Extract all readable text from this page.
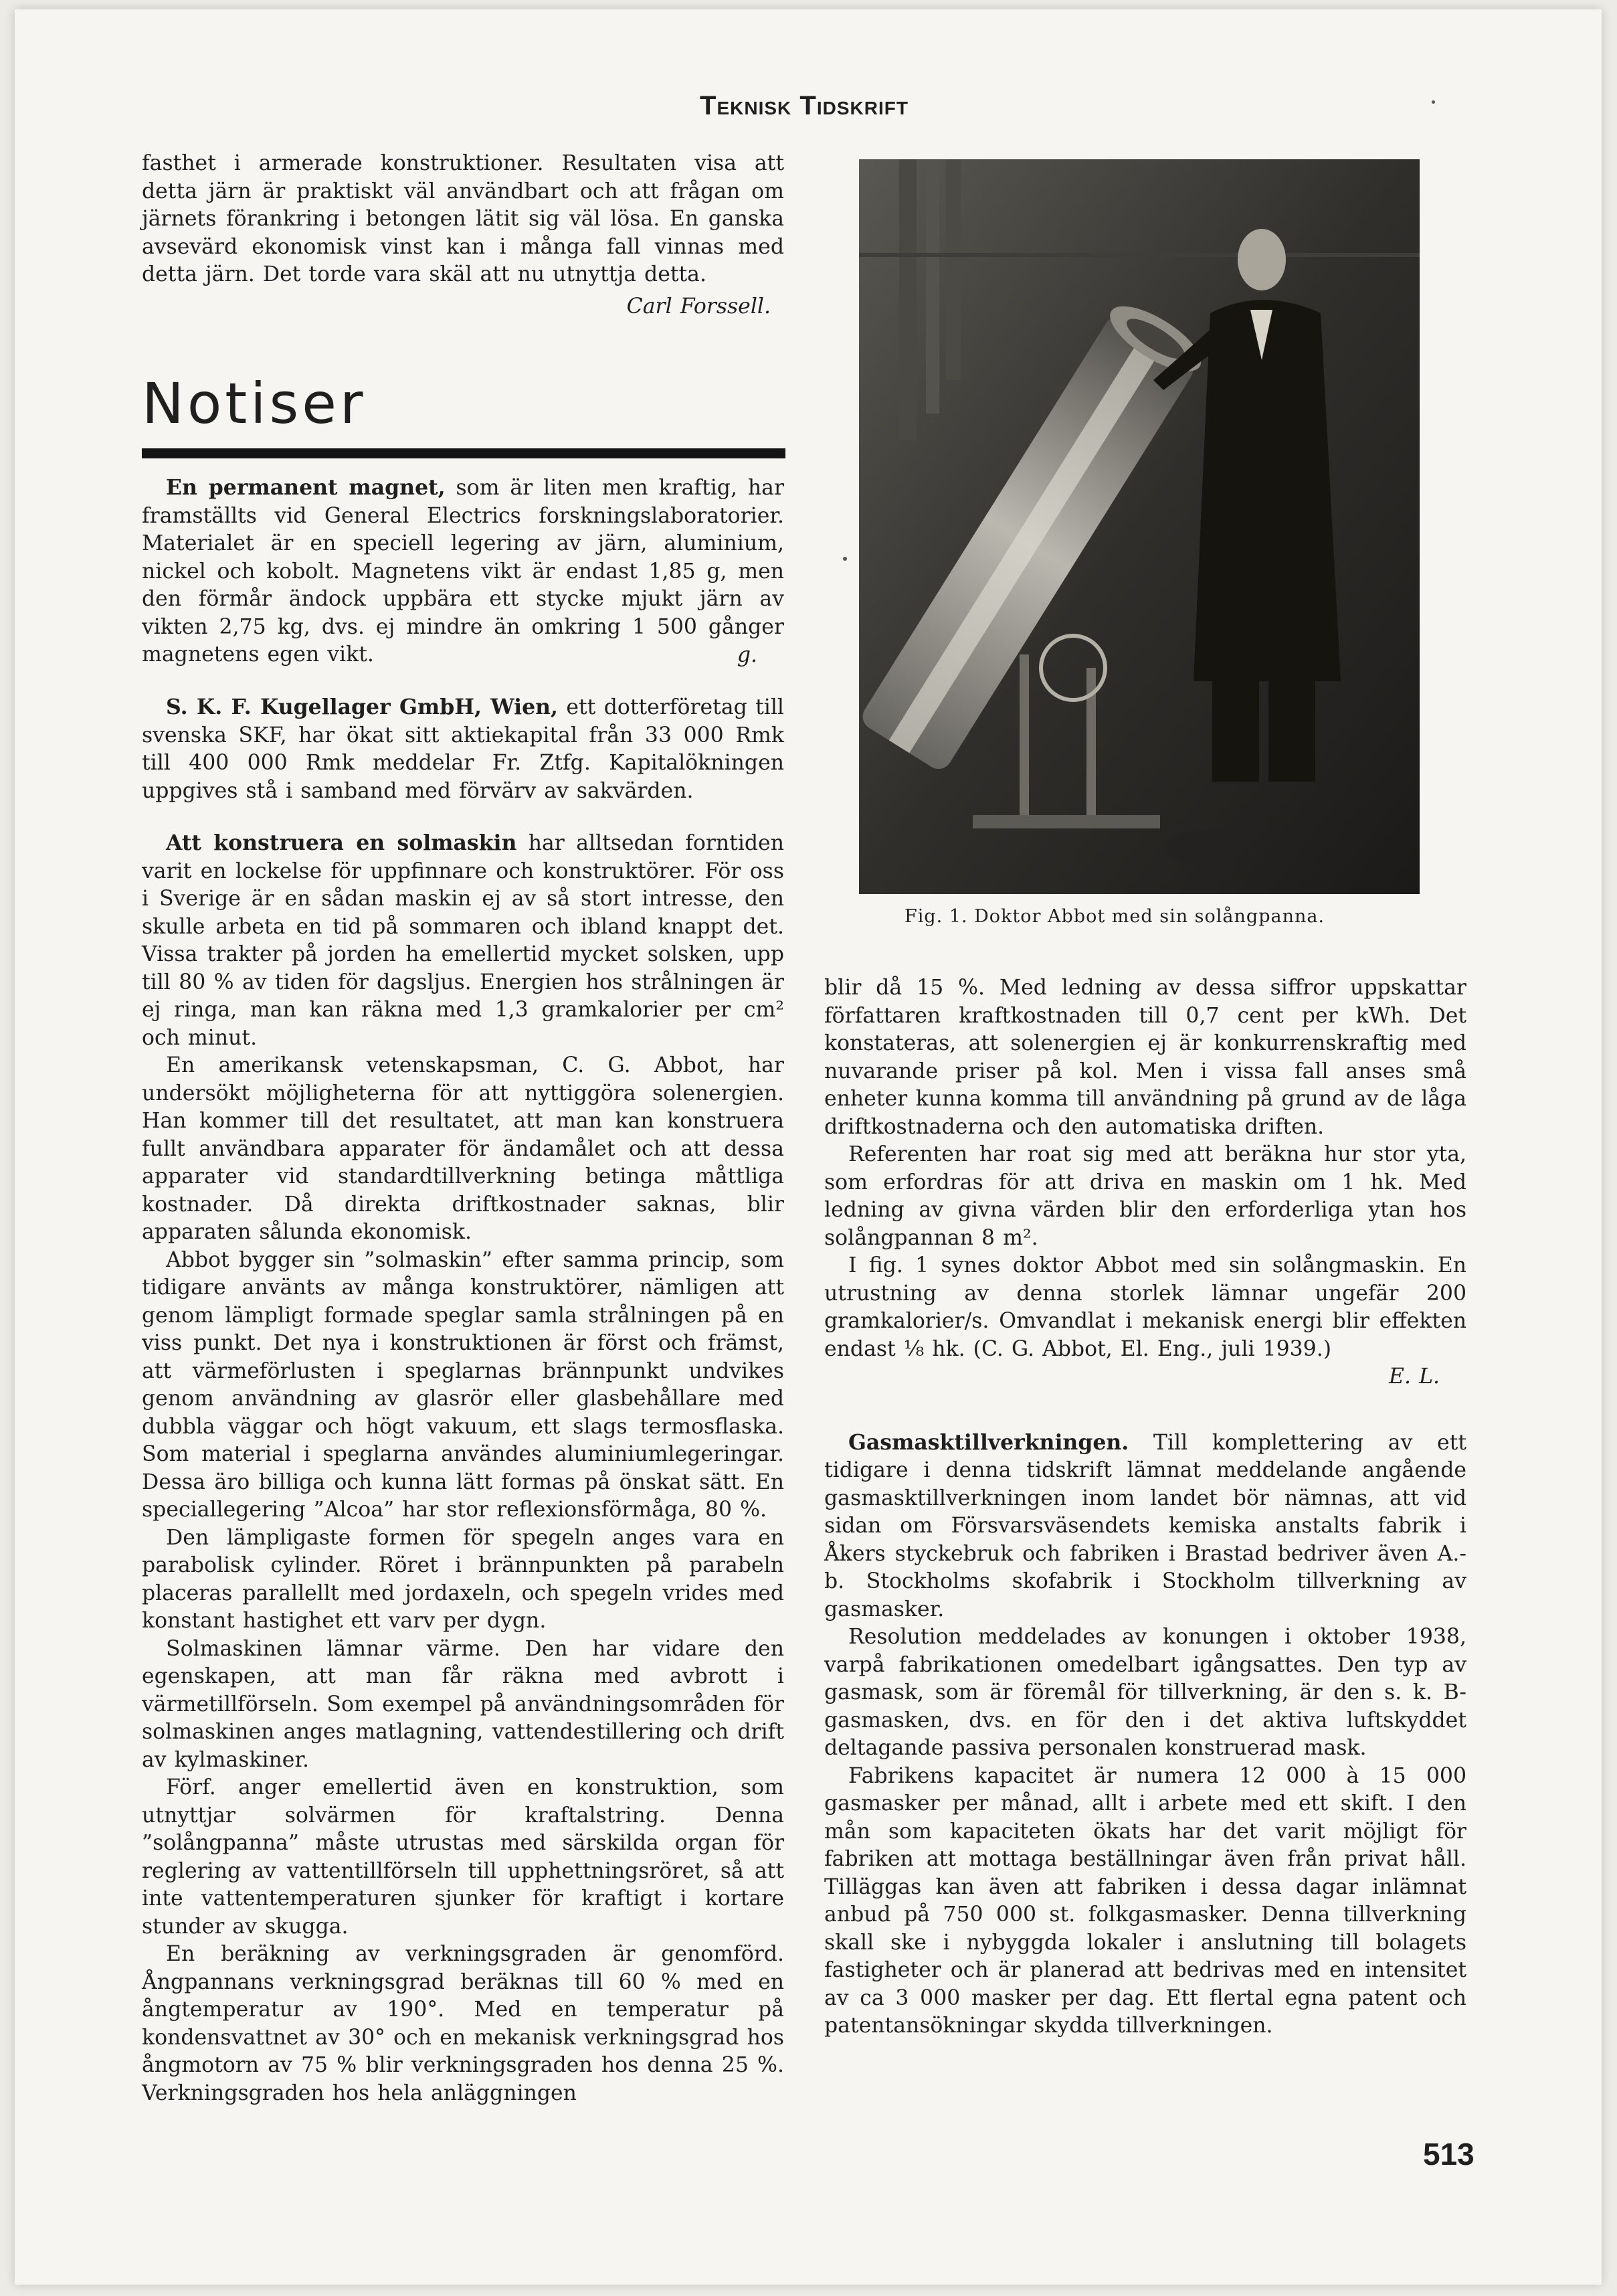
Teknisk Tidskrift

fasthet i armerade konstruktioner. Resultaten visa att detta järn är praktiskt väl användbart och att frågan om järnets förankring i betongen lätit sig väl lösa. En ganska avsevärd ekonomisk vinst kan i många fall vinnas med detta järn. Det torde vara skäl att nu utnyttja detta.

Carl Forssell.

Notiser

En permanent magnet, som är liten men kraftig, har framställts vid General Electrics forskningslaboratorier. Materialet är en speciell legering av järn, aluminium, nickel och kobolt. Magnetens vikt är endast 1,85 g, men den förmår ändock uppbära ett stycke mjukt järn av vikten 2,75 kg, dvs. ej mindre än omkring 1 500 gånger magnetens egen vikt.	g.

S. K. F. Kugellager GmbH, Wien, ett dotterföretag till svenska SKF, har ökat sitt aktiekapital från 33 000 Rmk till 400 000 Rmk meddelar Fr. Ztfg. Kapitalökningen uppgives stå i samband med förvärv av sakvärden.

Att konstruera en solmaskin har alltsedan forntiden varit en lockelse för uppfinnare och konstruktörer. För oss i Sverige är en sådan maskin ej av så stort intresse, den skulle arbeta en tid på sommaren och ibland knappt det. Vissa trakter på jorden ha emellertid mycket solsken, upp till 80 % av tiden för dagsljus. Energien hos strålningen är ej ringa, man kan räkna med 1,3 gramkalorier per cm² och minut.

En amerikansk vetenskapsman, C. G. Abbot, har undersökt möjligheterna för att nyttiggöra solenergien. Han kommer till det resultatet, att man kan konstruera fullt användbara apparater för ändamålet och att dessa apparater vid standardtillverkning betinga måttliga kostnader. Då direkta driftkostnader saknas, blir apparaten sålunda ekonomisk.

Abbot bygger sin ”solmaskin” efter samma princip, som tidigare använts av många konstruktörer, nämligen att genom lämpligt formade speglar samla strålningen på en viss punkt. Det nya i konstruktionen är först och främst, att värmeförlusten i speglarnas brännpunkt undvikes genom användning av glasrör eller glasbehållare med dubbla väggar och högt vakuum, ett slags termosflaska. Som material i speglarna användes aluminiumlegeringar. Dessa äro billiga och kunna lätt formas på önskat sätt. En speciallegering ”Alcoa” har stor reflexionsförmåga, 80 %.

Den lämpligaste formen för spegeln anges vara en parabolisk cylinder. Röret i brännpunkten på parabeln placeras parallellt med jordaxeln, och spegeln vrides med konstant hastighet ett varv per dygn.

Solmaskinen lämnar värme. Den har vidare den egenskapen, att man får räkna med avbrott i värmetillförseln. Som exempel på användningsområden för solmaskinen anges matlagning, vattendestillering och drift av kylmaskiner.

Förf. anger emellertid även en konstruktion, som utnyttjar solvärmen för kraftalstring. Denna ”solångpanna” måste utrustas med särskilda organ för reglering av vattentillförseln till upphettningsröret, så att inte vattentemperaturen sjunker för kraftigt i kortare stunder av skugga.

En beräkning av verkningsgraden är genomförd. Ångpannans verkningsgrad beräknas till 60 % med en ångtemperatur av 190°. Med en temperatur på kondensvattnet av 30° och en mekanisk verkningsgrad hos ångmotorn av 75 % blir verkningsgraden hos denna 25 %. Verkningsgraden hos hela anläggningen

Fig. 1. Doktor Abbot med sin solångpanna.

blir då 15 %. Med ledning av dessa siffror uppskattar författaren kraftkostnaden till 0,7 cent per kWh. Det konstateras, att solenergien ej är konkurrenskraftig med nuvarande priser på kol. Men i vissa fall anses små enheter kunna komma till användning på grund av de låga driftkostnaderna och den automatiska driften.

Referenten har roat sig med att beräkna hur stor yta, som erfordras för att driva en maskin om 1 hk. Med ledning av givna värden blir den erforderliga ytan hos solångpannan 8 m².

I fig. 1 synes doktor Abbot med sin solångmaskin. En utrustning av denna storlek lämnar ungefär 200 gramkalorier/s. Omvandlat i mekanisk energi blir effekten endast ⅛ hk. (C. G. Abbot, El. Eng., juli 1939.)

E. L.

Gasmasktillverkningen. Till komplettering av ett tidigare i denna tidskrift lämnat meddelande angående gasmasktillverkningen inom landet bör nämnas, att vid sidan om Försvarsväsendets kemiska anstalts fabrik i Åkers styckebruk och fabriken i Brastad bedriver även A.-b. Stockholms skofabrik i Stockholm tillverkning av gasmasker.

Resolution meddelades av konungen i oktober 1938, varpå fabrikationen omedelbart igångsattes. Den typ av gasmask, som är föremål för tillverkning, är den s. k. B-gasmasken, dvs. en för den i det aktiva luftskyddet deltagande passiva personalen konstruerad mask.

Fabrikens kapacitet är numera 12 000 à 15 000 gasmasker per månad, allt i arbete med ett skift. I den mån som kapaciteten ökats har det varit möjligt för fabriken att mottaga beställningar även från privat håll. Tilläggas kan även att fabriken i dessa dagar inlämnat anbud på 750 000 st. folkgasmasker. Denna tillverkning skall ske i nybyggda lokaler i anslutning till bolagets fastigheter och är planerad att bedrivas med en intensitet av ca 3 000 masker per dag. Ett flertal egna patent och patentansökningar skydda tillverkningen.

513
